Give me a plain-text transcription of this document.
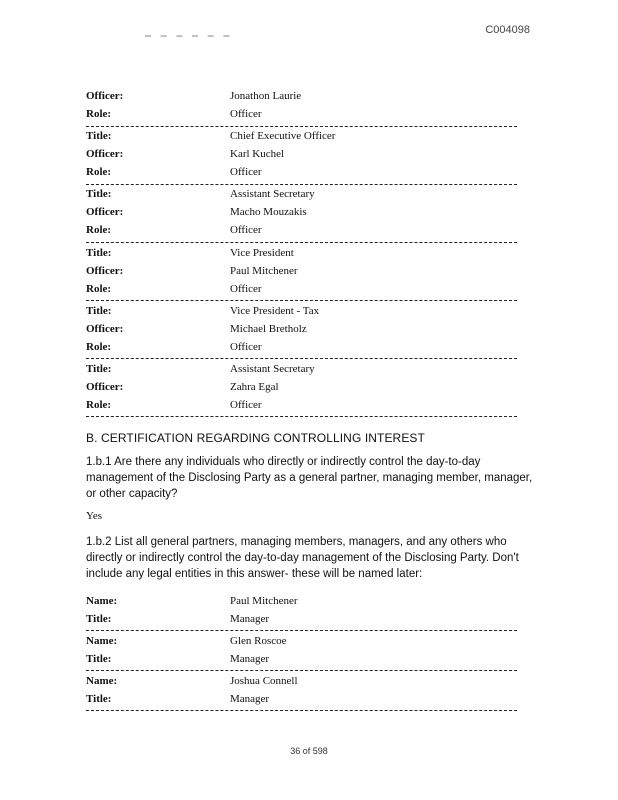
C004098
▬ ▬ ▬ ▬ ▬ ▬
Officer:	Jonathon Laurie
Role:	Officer
Title:	Chief Executive Officer
Officer:	Karl Kuchel
Role:	Officer
Title:	Assistant Secretary
Officer:	Macho Mouzakis
Role:	Officer
Title:	Vice President
Officer:	Paul Mitchener
Role:	Officer
Title:	Vice President - Tax
Officer:	Michael Bretholz
Role:	Officer
Title:	Assistant Secretary
Officer:	Zahra Egal
Role:	Officer
B. CERTIFICATION REGARDING CONTROLLING INTEREST
1.b.1 Are there any individuals who directly or indirectly control the day-to-day
management of the Disclosing Party as a general partner, managing member, manager,
or other capacity?
Yes
1.b.2 List all general partners, managing members, managers, and any others who
directly or indirectly control the day-to-day management of the Disclosing Party. Don't
include any legal entities in this answer- these will be named later:
Name:	Paul Mitchener
Title:	Manager
Name:	Glen Roscoe
Title:	Manager
Name:	Joshua Connell
Title:	Manager
36 of 598
